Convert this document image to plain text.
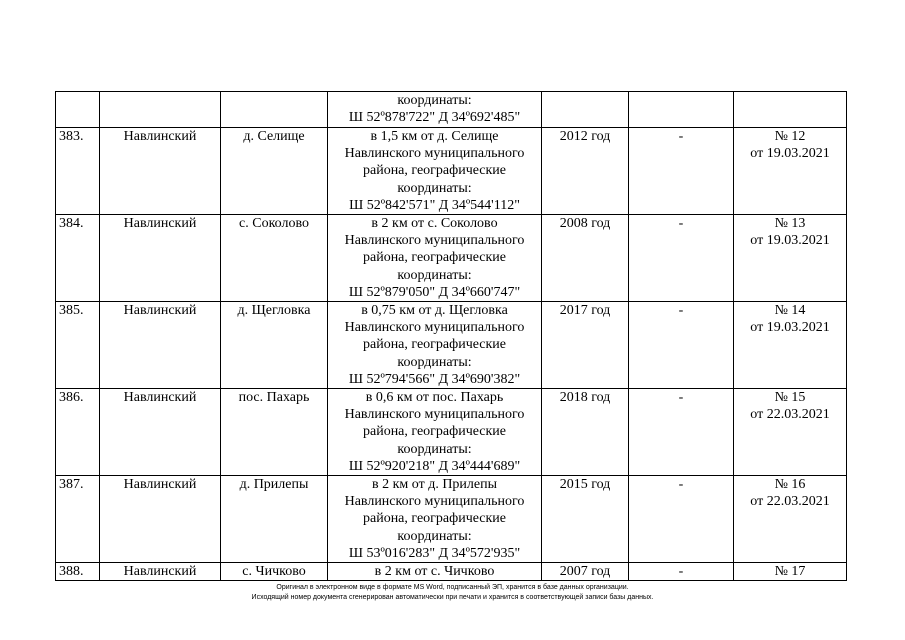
			координаты:
Ш 52º878'722" Д 34º692'485"			

383.	Навлинский	д. Селище	в 1,5 км от д. Селище
Навлинского муниципального
района, географические
координаты:
Ш 52º842'571" Д 34º544'112"	2012 год	-	№ 12
от 19.03.2021

384.	Навлинский	с. Соколово	в 2 км от с. Соколово
Навлинского муниципального
района, географические
координаты:
Ш 52º879'050" Д 34º660'747"	2008 год	-	№ 13
от 19.03.2021

385.	Навлинский	д. Щегловка	в 0,75 км от д. Щегловка
Навлинского муниципального
района, географические
координаты:
Ш 52º794'566" Д 34º690'382"	2017 год	-	№ 14
от 19.03.2021

386.	Навлинский	пос. Пахарь	в 0,6 км от пос. Пахарь
Навлинского муниципального
района, географические
координаты:
Ш 52º920'218" Д 34º444'689"	2018 год	-	№ 15
от 22.03.2021

387.	Навлинский	д. Прилепы	в 2 км от д. Прилепы
Навлинского муниципального
района, географические
координаты:
Ш 53º016'283" Д 34º572'935"	2015 год	-	№ 16
от 22.03.2021

388.	Навлинский	с. Чичково	в 2 км от с. Чичково	2007 год	-	№ 17
Оригинал в электронном виде в формате MS Word, подписанный ЭП, хранится в базе данных организации.
Исходящий номер документа сгенерирован автоматически при печати и хранится в соответствующей записи базы данных.
